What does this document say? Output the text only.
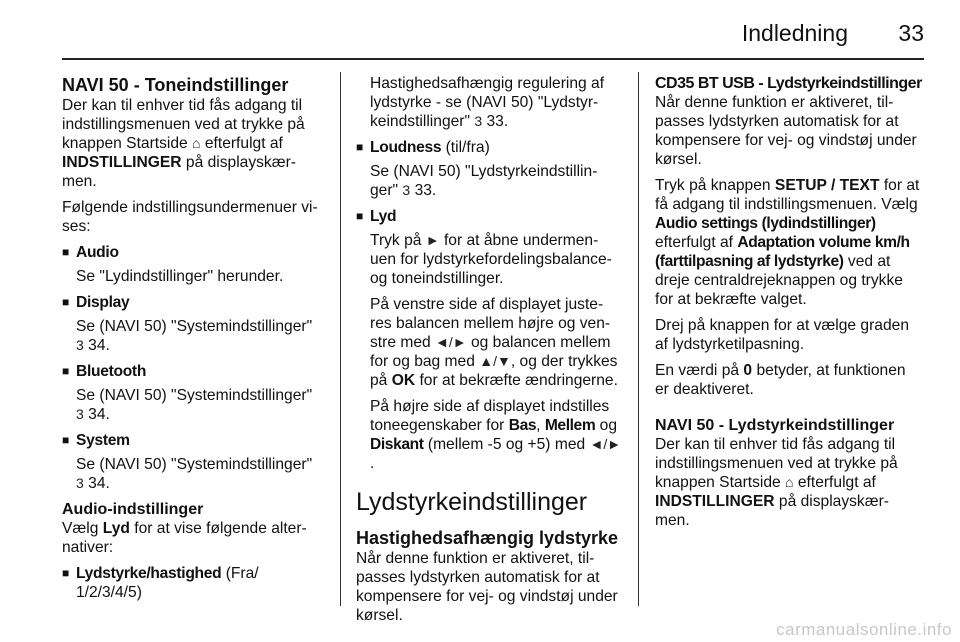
Indledning 33
NAVI 50 - Toneindstillinger

Der kan til enhver tid fås adgang til indstillingsmenuen ved at trykke på knappen Startside ⌂ efterfulgt af INDSTILLINGER på displayskær-men.

Følgende indstillingsundermenuer vi-ses:

■ Audio
Se "Lydindstillinger" herunder.
■ Display
Se (NAVI 50) "Systemindstillinger" 3 34.
■ Bluetooth
Se (NAVI 50) "Systemindstillinger" 3 34.
■ System
Se (NAVI 50) "Systemindstillinger" 3 34.
Audio-indstillinger

Vælg Lyd for at vise følgende alter-nativer:

■ Lydstyrke/hastighed (Fra/ 1/2/3/4/5)

Hastighedsafhængig regulering af lydstyrke - se (NAVI 50) "Lydstyr-keindstillinger" 3 33.

■ Loudness (til/fra)
Se (NAVI 50) "Lydstyrkeindstillin-ger" 3 33.
■ Lyd

Tryk på ► for at åbne undermen-uen for lydstyrkefordelingsbalance-og toneindstillinger.

På venstre side af displayet juste-res balancen mellem højre og ven-stre med ◄/► og balancen mellem for og bag med ▲/▼, og der trykkes på OK for at bekræfte ændringerne.

På højre side af displayet indstilles toneegenskaber for Bas, Mellem og Diskant (mellem -5 og +5) med ◄/►.

Lydstyrkeindstillinger
Hastighedsafhængig lydstyrke

Når denne funktion er aktiveret, til-passes lydstyrken automatisk for at kompensere for vej- og vindstøj under kørsel.

CD35 BT USB - Lydstyrkeindstillinger

Når denne funktion er aktiveret, til-passes lydstyrken automatisk for at kompensere for vej- og vindstøj under kørsel.

Tryk på knappen SETUP / TEXT for at få adgang til indstillingsmenuen. Vælg Audio settings (lydindstillinger) efterfulgt af Adaptation volume km/h (farttilpasning af lydstyrke) ved at dreje centraldrejeknappen og trykke for at bekræfte valget.

Drej på knappen for at vælge graden af lydstyrketilpasning.

En værdi på 0 betyder, at funktionen er deaktiveret.

NAVI 50 - Lydstyrkeindstillinger

Der kan til enhver tid fås adgang til indstillingsmenuen ved at trykke på knappen Startside ⌂ efterfulgt af INDSTILLINGER på displayskær-men.

carmanualsonline.info
